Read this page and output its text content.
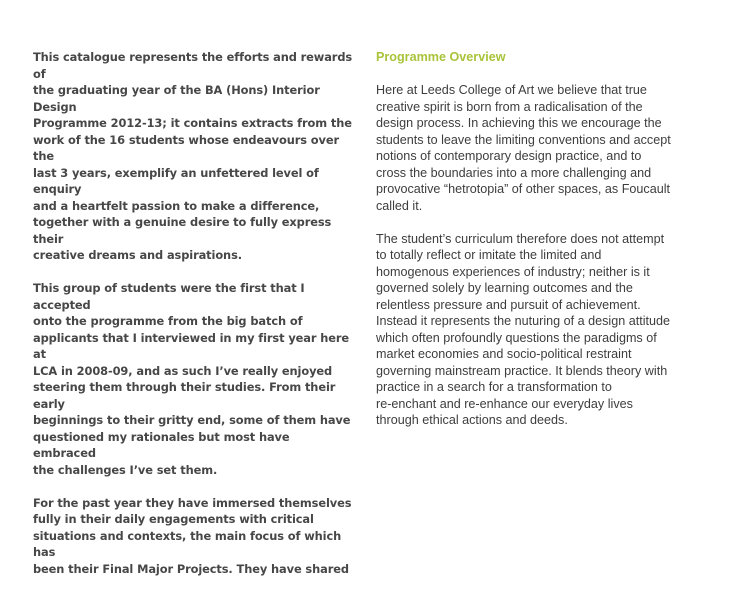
This catalogue represents the efforts and rewards of
the graduating year of the BA (Hons) Interior Design
Programme 2012-13; it contains extracts from the
work of the 16 students whose endeavours over the
last 3 years, exemplify an unfettered level of enquiry
and a heartfelt passion to make a difference,
together with a genuine desire to fully express their
creative dreams and aspirations.

This group of students were the first that I accepted
onto the programme from the big batch of
applicants that I interviewed in my first year here at
LCA in 2008-09, and as such I’ve really enjoyed
steering them through their studies. From their early
beginnings to their gritty end, some of them have
questioned my rationales but most have embraced
the challenges I’ve set them.

For the past year they have immersed themselves
fully in their daily engagements with critical
situations and contexts, the main focus of which has
been their Final Major Projects. They have shared

Programme Overview

Here at Leeds College of Art we believe that true
creative spirit is born from a radicalisation of the
design process. In achieving this we encourage the
students to leave the limiting conventions and accept
notions of contemporary design practice, and to
cross the boundaries into a more challenging and
provocative “hetrotopia” of other spaces, as Foucault
called it.

The student’s curriculum therefore does not attempt
to totally reflect or imitate the limited and
homogenous experiences of industry; neither is it
governed solely by learning outcomes and the
relentless pressure and pursuit of achievement.
Instead it represents the nuturing of a design attitude
which often profoundly questions the paradigms of
market economies and socio-political restraint
governing mainstream practice. It blends theory with
practice in a search for a transformation to
re-enchant and re-enhance our everyday lives
through ethical actions and deeds.
